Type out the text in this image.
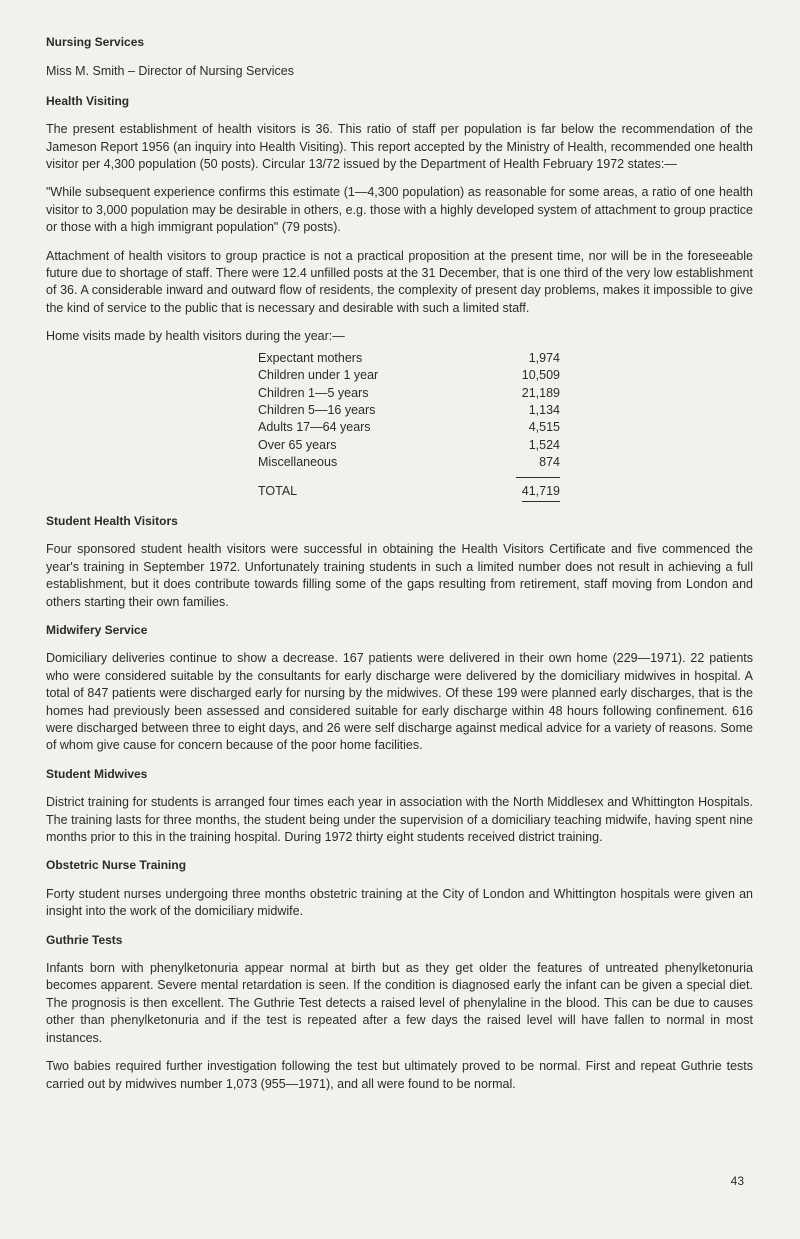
Nursing Services

Miss M. Smith – Director of Nursing Services

Health Visiting

The present establishment of health visitors is 36. This ratio of staff per population is far below the recommendation of the Jameson Report 1956 (an inquiry into Health Visiting). This report accepted by the Ministry of Health, recommended one health visitor per 4,300 population (50 posts). Circular 13/72 issued by the Department of Health February 1972 states:—

"While subsequent experience confirms this estimate (1—4,300 population) as reasonable for some areas, a ratio of one health visitor to 3,000 population may be desirable in others, e.g. those with a highly developed system of attachment to group practice or those with a high immigrant population" (79 posts).

Attachment of health visitors to group practice is not a practical proposition at the present time, nor will be in the foreseeable future due to shortage of staff. There were 12.4 unfilled posts at the 31 December, that is one third of the very low establishment of 36. A considerable inward and outward flow of residents, the complexity of present day problems, makes it impossible to give the kind of service to the public that is necessary and desirable with such a limited staff.

Home visits made by health visitors during the year:—

Expectant mothers	1,974
Children under 1 year	10,509
Children 1—5 years	21,189
Children 5—16 years	1,134
Adults 17—64 years	4,515
Over 65 years	1,524
Miscellaneous	874
TOTAL	41,719

Student Health Visitors

Four sponsored student health visitors were successful in obtaining the Health Visitors Certificate and five commenced the year's training in September 1972. Unfortunately training students in such a limited number does not result in achieving a full establishment, but it does contribute towards filling some of the gaps resulting from retirement, staff moving from London and others starting their own families.

Midwifery Service

Domiciliary deliveries continue to show a decrease. 167 patients were delivered in their own home (229—1971). 22 patients who were considered suitable by the consultants for early discharge were delivered by the domiciliary midwives in hospital. A total of 847 patients were discharged early for nursing by the midwives. Of these 199 were planned early discharges, that is the homes had previously been assessed and considered suitable for early discharge within 48 hours following confinement. 616 were discharged between three to eight days, and 26 were self discharge against medical advice for a variety of reasons. Some of whom give cause for concern because of the poor home facilities.

Student Midwives

District training for students is arranged four times each year in association with the North Middlesex and Whittington Hospitals. The training lasts for three months, the student being under the supervision of a domiciliary teaching midwife, having spent nine months prior to this in the training hospital. During 1972 thirty eight students received district training.

Obstetric Nurse Training

Forty student nurses undergoing three months obstetric training at the City of London and Whittington hospitals were given an insight into the work of the domiciliary midwife.

Guthrie Tests

Infants born with phenylketonuria appear normal at birth but as they get older the features of untreated phenylketonuria becomes apparent. Severe mental retardation is seen. If the condition is diagnosed early the infant can be given a special diet. The prognosis is then excellent. The Guthrie Test detects a raised level of phenylaline in the blood. This can be due to causes other than phenylketonuria and if the test is repeated after a few days the raised level will have fallen to normal in most instances.

Two babies required further investigation following the test but ultimately proved to be normal. First and repeat Guthrie tests carried out by midwives number 1,073 (955—1971), and all were found to be normal.

43
